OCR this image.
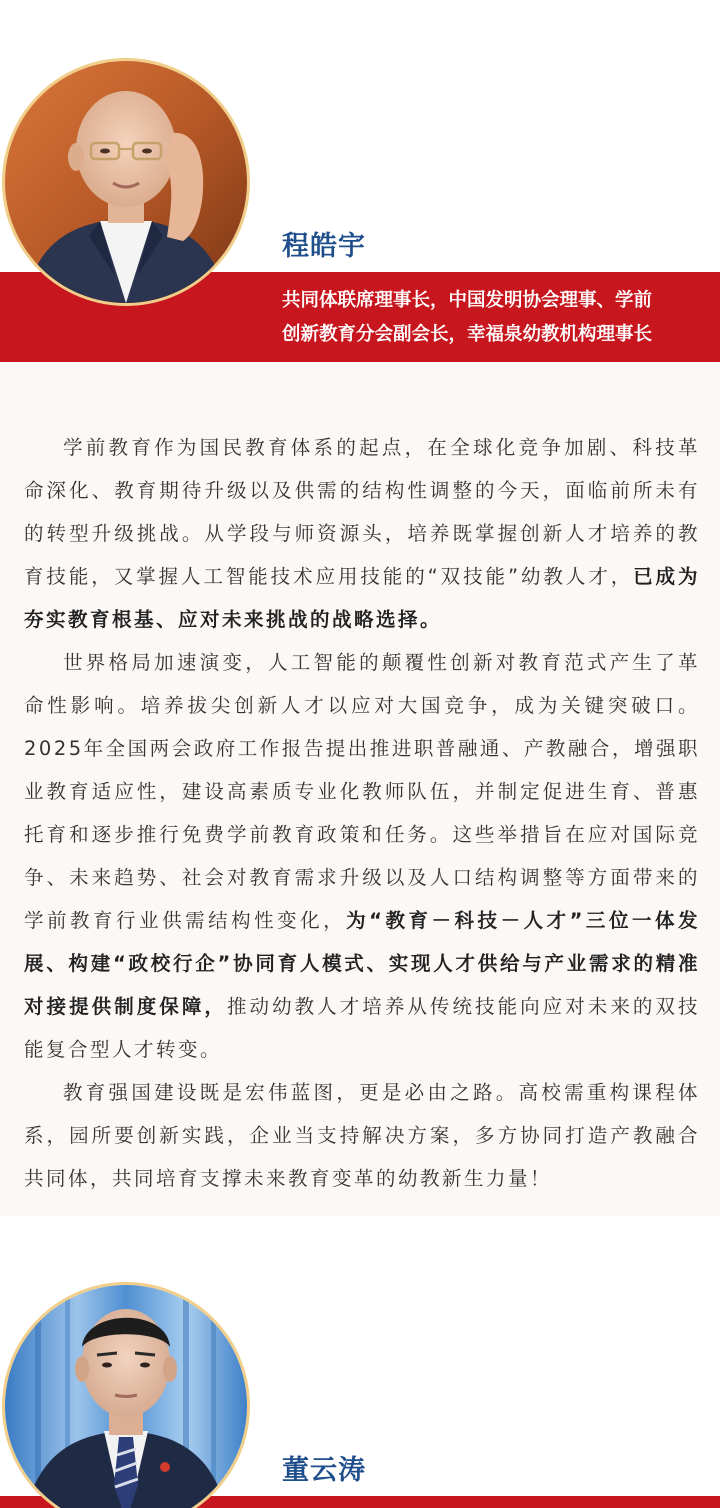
程皓宇
共同体联席理事长，中国发明协会理事、学前
创新教育分会副会长，幸福泉幼教机构理事长

学前教育作为国民教育体系的起点，在全球化竞争加剧、科技革命深化、教育期待升级以及供需的结构性调整的今天，面临前所未有的转型升级挑战。从学段与师资源头，培养既掌握创新人才培养的教育技能，又掌握人工智能技术应用技能的“双技能”幼教人才，已成为夯实教育根基、应对未来挑战的战略选择。

世界格局加速演变，人工智能的颠覆性创新对教育范式产生了革命性影响。培养拔尖创新人才以应对大国竞争，成为关键突破口。2025年全国两会政府工作报告提出推进职普融通、产教融合，增强职业教育适应性，建设高素质专业化教师队伍，并制定促进生育、普惠托育和逐步推行免费学前教育政策和任务。这些举措旨在应对国际竞争、未来趋势、社会对教育需求升级以及人口结构调整等方面带来的学前教育行业供需结构性变化，为“教育－科技－人才”三位一体发展、构建“政校行企”协同育人模式、实现人才供给与产业需求的精准对接提供制度保障，推动幼教人才培养从传统技能向应对未来的双技能复合型人才转变。

教育强国建设既是宏伟蓝图，更是必由之路。高校需重构课程体系，园所要创新实践，企业当支持解决方案，多方协同打造产教融合共同体，共同培育支撑未来教育变革的幼教新生力量！

董云涛
